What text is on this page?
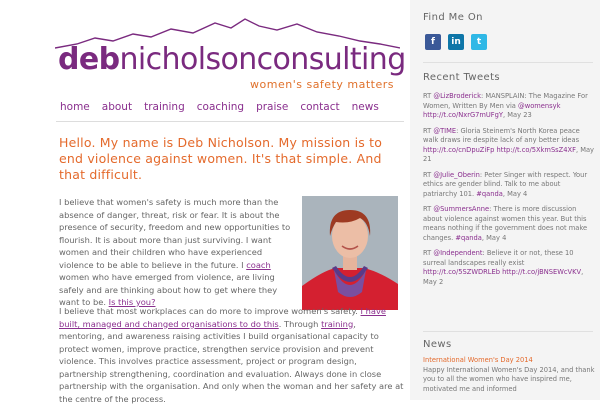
debnicholsonconsulting
women's safety matters
home about training coaching praise contact news
Hello. My name is Deb Nicholson. My mission is to end violence against women. It's that simple. And that difficult.
I believe that women's safety is much more than the absence of danger, threat, risk or fear. It is about the presence of security, freedom and new opportunities to flourish. It is about more than just surviving. I want women and their children who have experienced violence to be able to believe in the future. I coach women who have emerged from violence, are living safely and are thinking about how to get where they want to be. Is this you?
I believe that most workplaces can do more to improve women's safety. I have built, managed and changed organisations to do this. Through training, mentoring, and awareness raising activities I build organisational capacity to protect women, improve practice, strengthen service provision and prevent violence. This involves practice assessment, project or program design, partnership strengthening, coordination and evaluation. Always done in close partnership with the organisation. And only when the woman and her safety are at the centre of the process.
Find Me On
f	in	t
Recent Tweets
RT @LizBroderick: MANSPLAIN: The Magazine For Women, Written By Men via @womensyk http://t.co/NxrG7mUFgY, May 23
RT @TIME: Gloria Steinem's North Korea peace walk draws ire despite lack of any better ideas http://t.co/cnDpuZiFp http://t.co/5XkmSsZ4XF, May 21
RT @Julie_Oberin: Peter Singer with respect. Your ethics are gender blind. Talk to me about patriarchy 101. #qanda, May 4
RT @SummersAnne: There is more discussion about violence against women this year. But this means nothing if the government does not make changes. #qanda, May 4
RT @Independent: Believe it or not, these 10 surreal landscapes really exist http://t.co/5SZWDRLEb http://t.co/jBNSEWcVKV, May 2
News
International Women's Day 2014
Happy International Women's Day 2014, and thank you to all the women who have inspired me, motivated me and informed
